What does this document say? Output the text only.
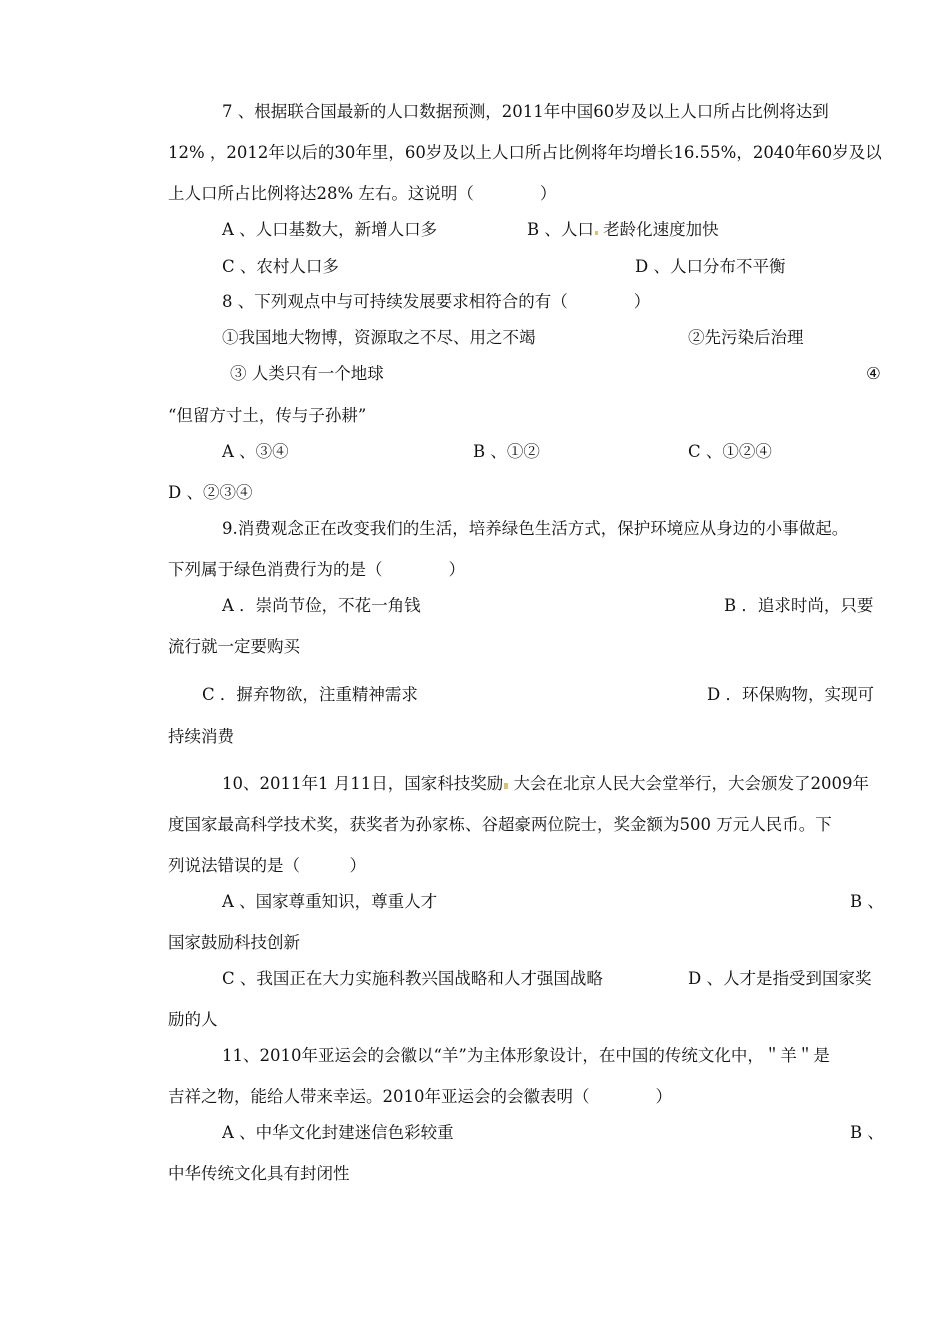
7 、根据联合国最新的人口数据预测，2011年中国60岁及以上人口所占比例将达到
12% ，2012年以后的30年里，60岁及以上人口所占比例将年均增长16.55%，2040年60岁及以
上人口所占比例将达28% 左右。这说明（　　　　）
A 、人口基数大，新增人口多	B 、人口 老龄化速度加快
C 、农村人口多	D 、人口分布不平衡
8 、下列观点中与可持续发展要求相符合的有（　　　　）
①我国地大物博，资源取之不尽、用之不竭	②先污染后治理
③ 人类只有一个地球	④
“但留方寸土，传与子孙耕”
A 、③④	B 、①②	C 、①②④
D 、②③④
9.消费观念正在改变我们的生活，培养绿色生活方式，保护环境应从身边的小事做起。
下列属于绿色消费行为的是（　　　　）
A ．崇尚节俭，不花一角钱	B ．追求时尚，只要
流行就一定要购买
C ．摒弃物欲，注重精神需求	D ．环保购物，实现可
持续消费
10、2011年1 月11日，国家科技奖励 大会在北京人民大会堂举行，大会颁发了2009年
度国家最高科学技术奖，获奖者为孙家栋、谷超豪两位院士，奖金额为500 万元人民币。下
列说法错误的是（　　　）
A 、国家尊重知识，尊重人才	B 、
国家鼓励科技创新
C 、我国正在大力实施科教兴国战略和人才强国战略	D 、人才是指受到国家奖
励的人
11、2010年亚运会的会徽以“羊”为主体形象设计，在中国的传统文化中，＂羊＂是
吉祥之物，能给人带来幸运。2010年亚运会的会徽表明（　　　　）
A 、中华文化封建迷信色彩较重	B 、
中华传统文化具有封闭性
